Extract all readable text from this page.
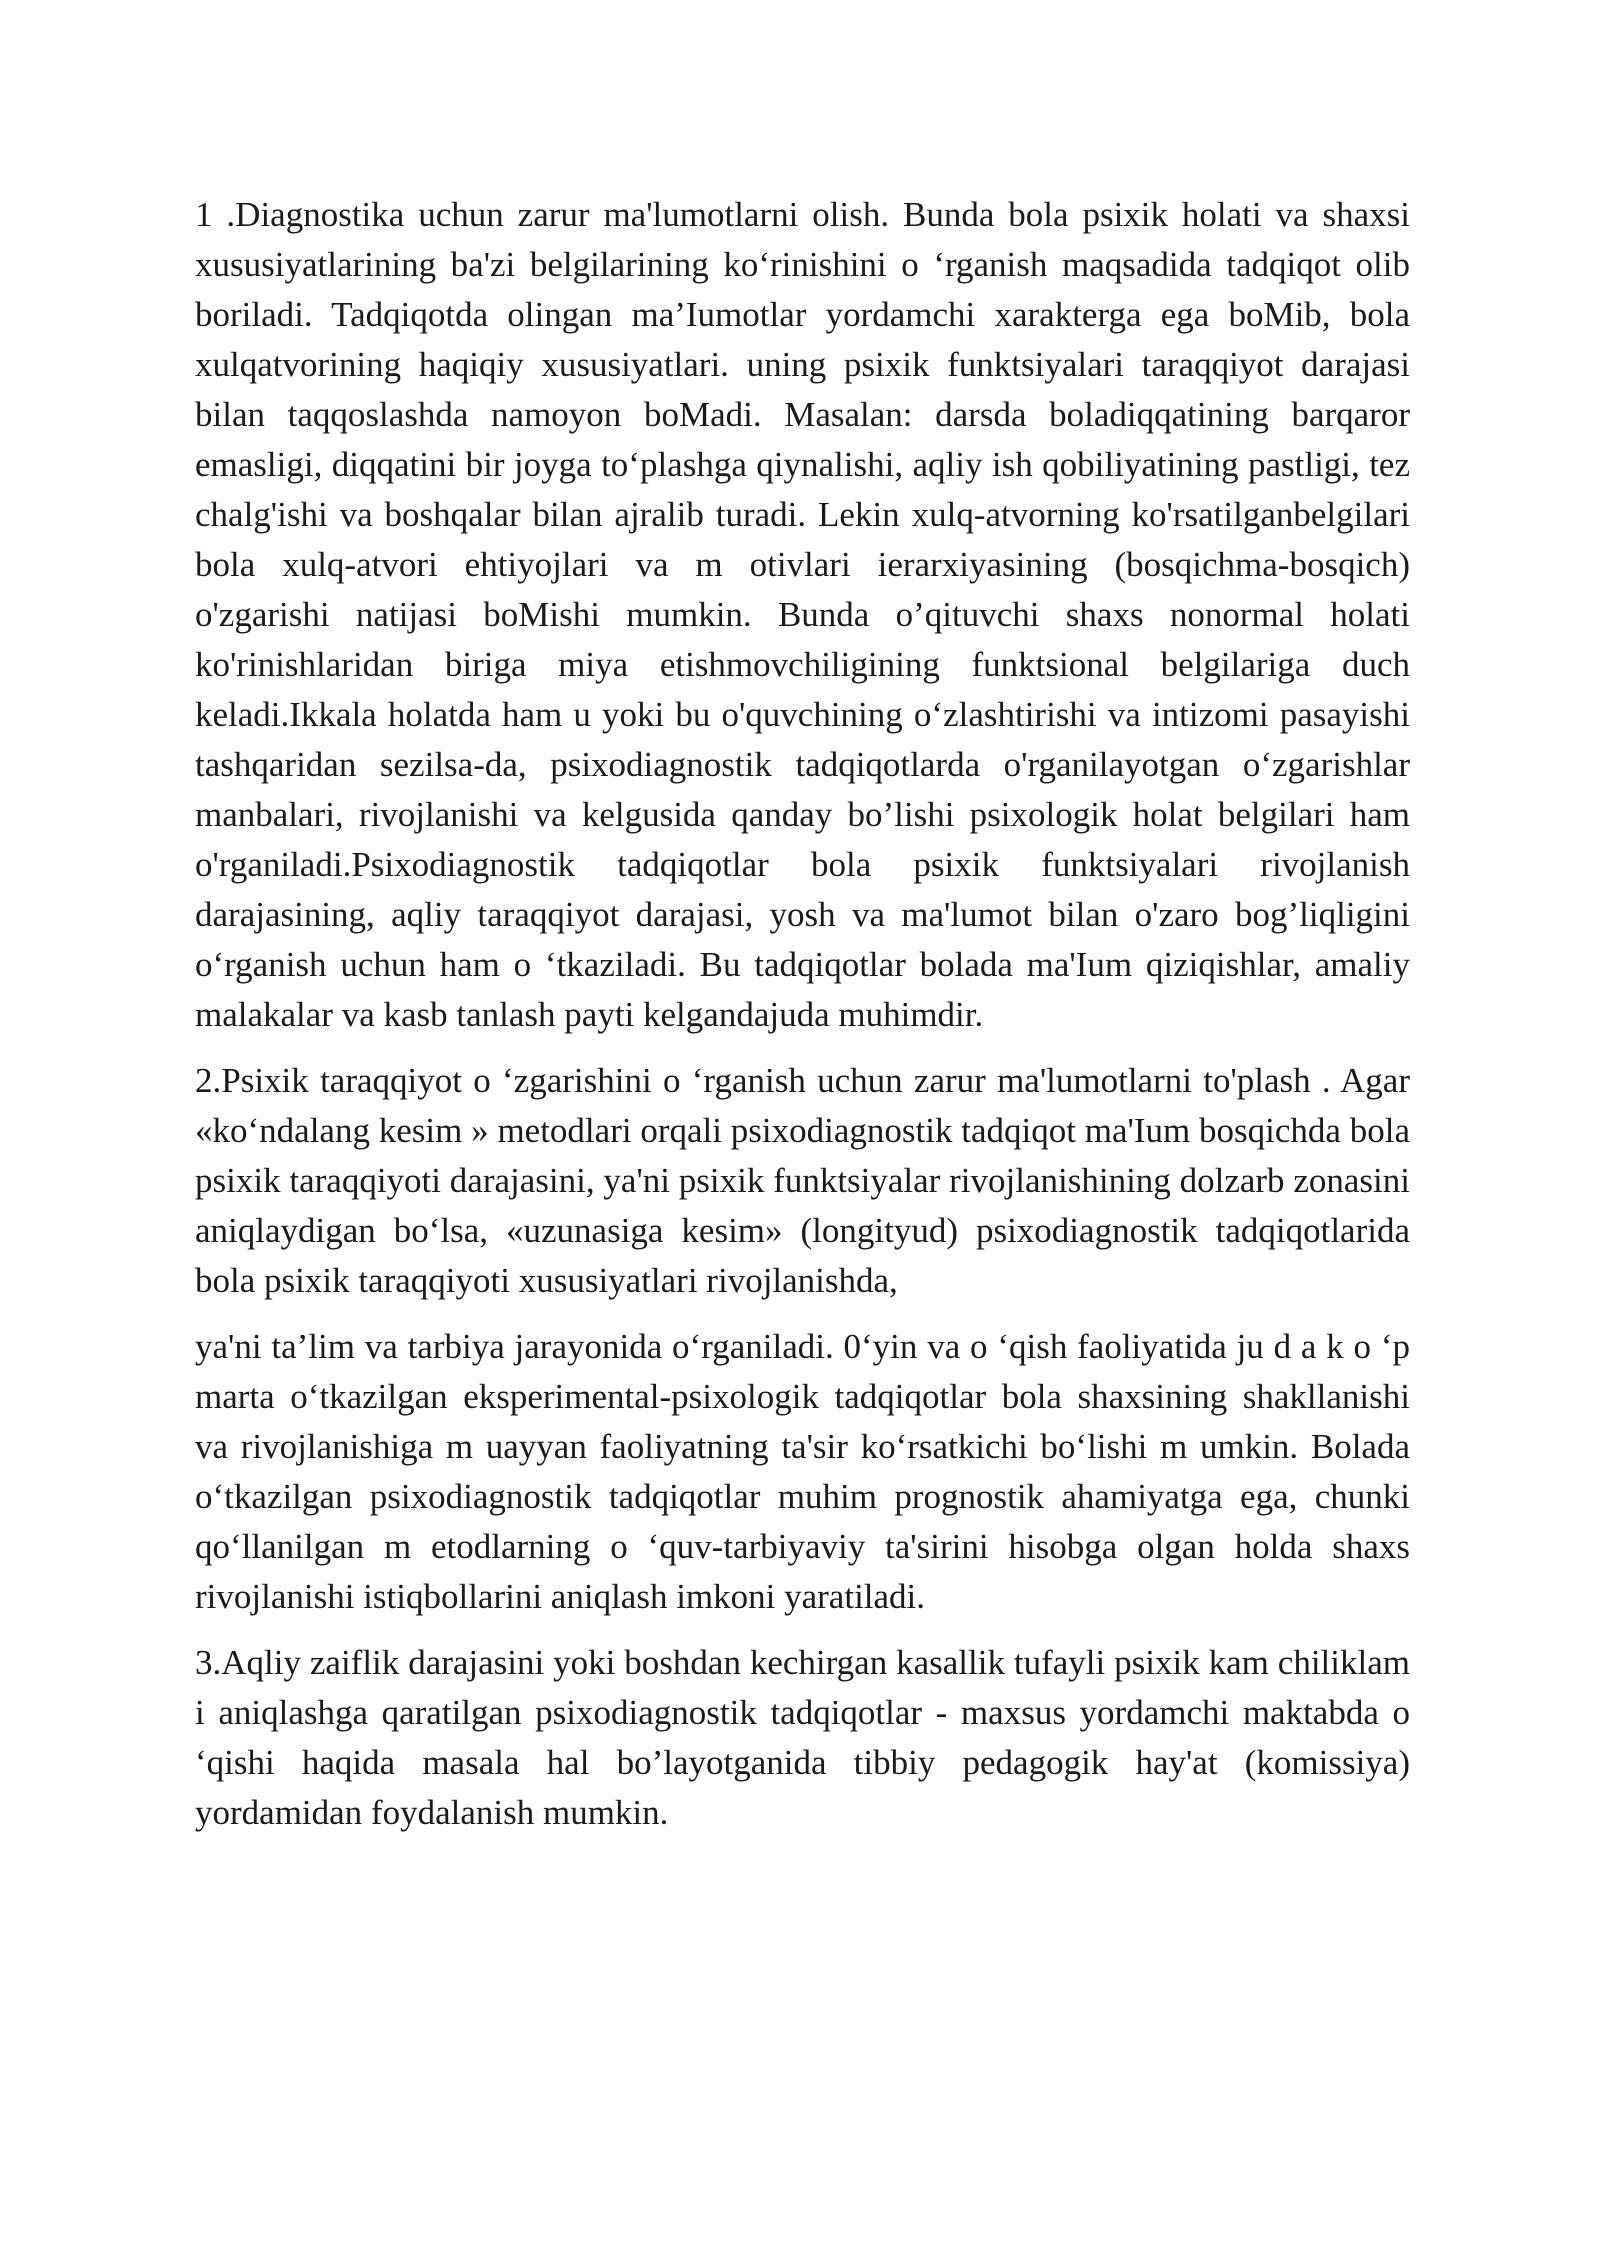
1 .Diagnostika uchun zarur ma'lumotlarni olish. Bunda bola psixik holati va shaxsi xususiyatlarining ba'zi belgilarining ko‘rinishini o ‘rganish maqsadida tadqiqot olib boriladi. Tadqiqotda olingan ma’Iumotlar yordamchi xarakterga ega boMib, bola xulqatvorining haqiqiy xususiyatlari. uning psixik funktsiyalari taraqqiyot darajasi bilan taqqoslashda namoyon boMadi. Masalan: darsda boladiqqatining barqaror emasligi, diqqatini bir joyga to‘plashga qiynalishi, aqliy ish qobiliyatining pastligi, tez chalg'ishi va boshqalar bilan ajralib turadi. Lekin xulq-atvorning ko'rsatilganbelgilari bola xulq-atvori ehtiyojlari va m otivlari ierarxiyasining (bosqichma-bosqich) o'zgarishi natijasi boMishi mumkin. Bunda o’qituvchi shaxs nonormal holati ko'rinishlaridan biriga miya etishmovchiligining funktsional belgilariga duch keladi.Ikkala holatda ham u yoki bu o'quvchining o‘zlashtirishi va intizomi pasayishi tashqaridan sezilsa-da, psixodiagnostik tadqiqotlarda o'rganilayotgan o‘zgarishlar manbalari, rivojlanishi va kelgusida qanday bo’lishi psixologik holat belgilari ham o'rganiladi.Psixodiagnostik tadqiqotlar bola psixik funktsiyalari rivojlanish darajasining, aqliy taraqqiyot darajasi, yosh va ma'lumot bilan o'zaro bog’liqligini o‘rganish uchun ham o ‘tkaziladi. Bu tadqiqotlar bolada ma'Ium qiziqishlar, amaliy malakalar va kasb tanlash payti kelgandajuda muhimdir.

2.Psixik taraqqiyot o ‘zgarishini o ‘rganish uchun zarur ma'lumotlarni to'plash . Agar «ko‘ndalang kesim » metodlari orqali psixodiagnostik tadqiqot ma'Ium bosqichda bola psixik taraqqiyoti darajasini, ya'ni psixik funktsiyalar rivojlanishining dolzarb zonasini aniqlaydigan bo‘lsa, «uzunasiga kesim» (longityud) psixodiagnostik tadqiqotlarida bola psixik taraqqiyoti xususiyatlari rivojlanishda,

ya'ni ta’lim va tarbiya jarayonida o‘rganiladi. 0‘yin va o ‘qish faoliyatida ju d a k o ‘p marta o‘tkazilgan eksperimental-psixologik tadqiqotlar bola shaxsining shakllanishi va rivojlanishiga m uayyan faoliyatning ta'sir ko‘rsatkichi bo‘lishi m umkin. Bolada o‘tkazilgan psixodiagnostik tadqiqotlar muhim prognostik ahamiyatga ega, chunki qo‘llanilgan m etodlarning o ‘quv-tarbiyaviy ta'sirini hisobga olgan holda shaxs rivojlanishi istiqbollarini aniqlash imkoni yaratiladi.

3.Aqliy zaiflik darajasini yoki boshdan kechirgan kasallik tufayli psixik kam chiliklam i aniqlashga qaratilgan psixodiagnostik tadqiqotlar - maxsus yordamchi maktabda o ‘qishi haqida masala hal bo’layotganida tibbiy pedagogik hay'at (komissiya) yordamidan foydalanish mumkin.
